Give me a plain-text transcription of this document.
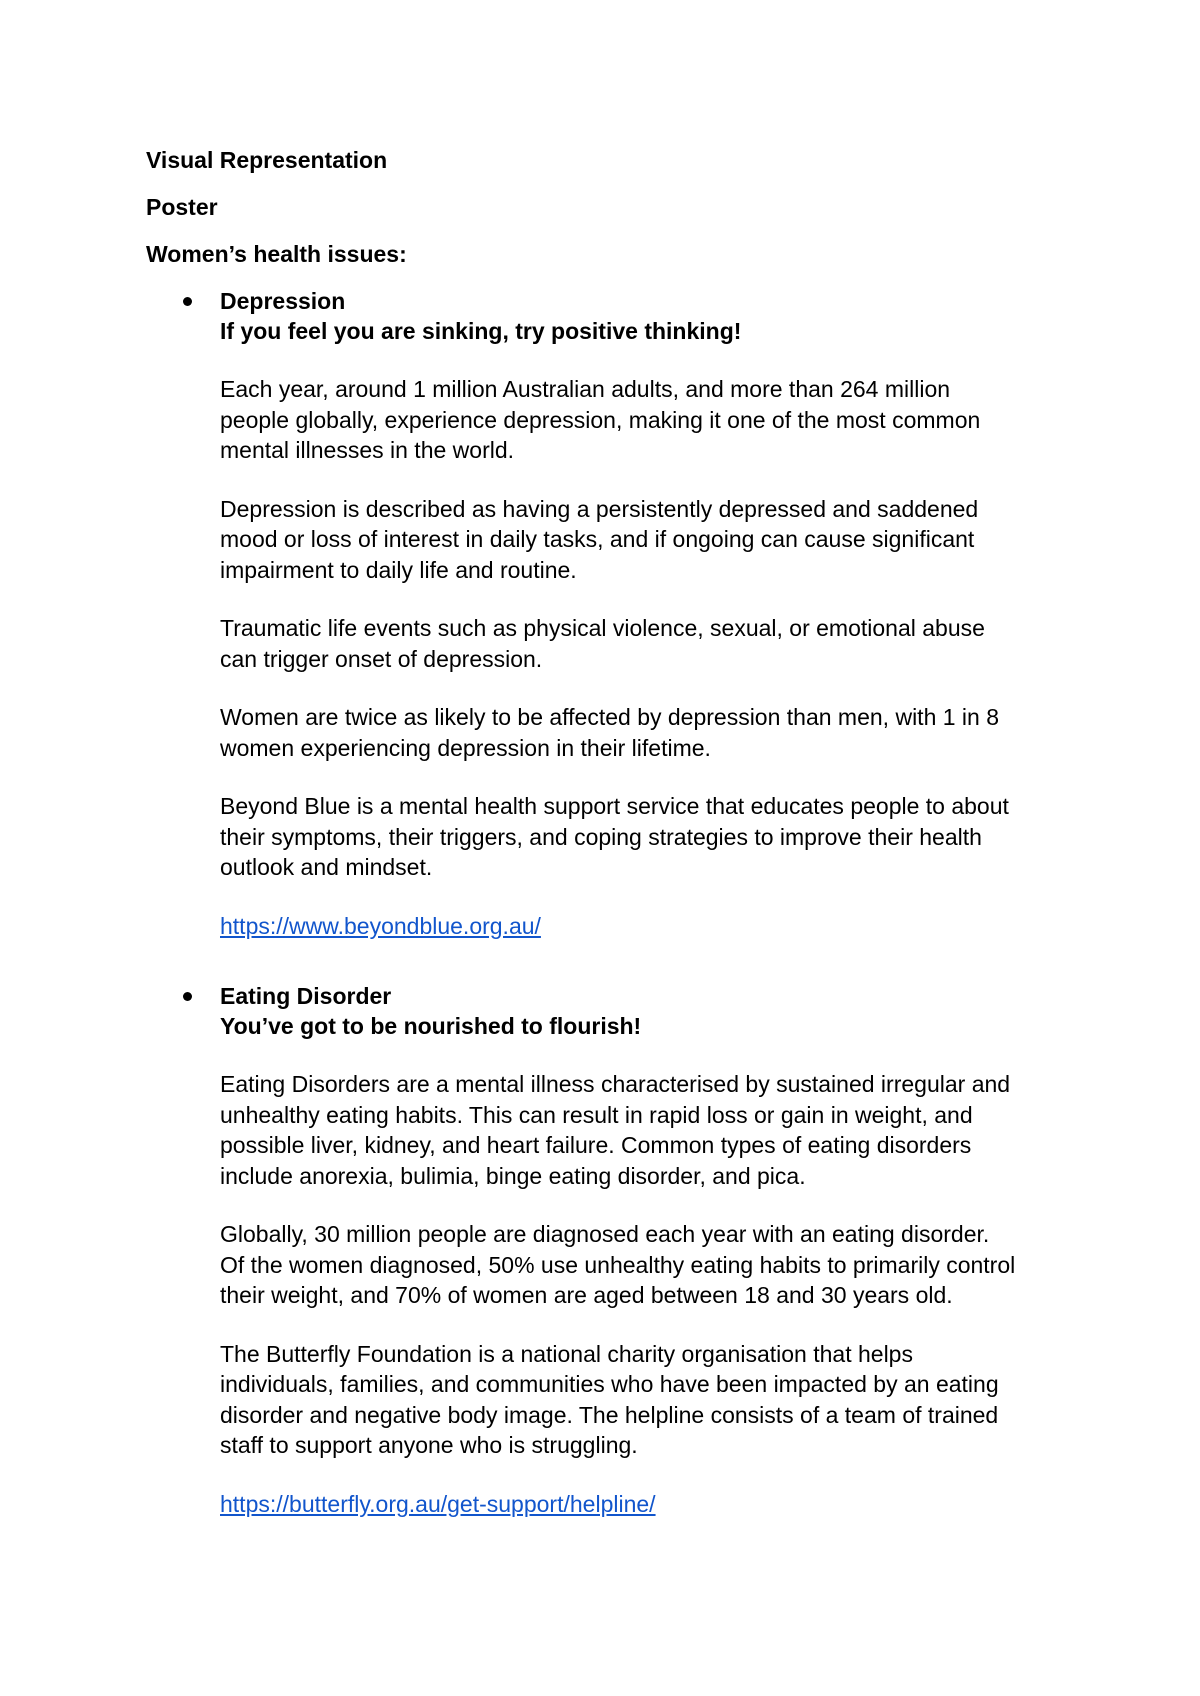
Visual Representation
Poster
Women’s health issues:
Depression
If you feel you are sinking, try positive thinking!

Each year, around 1 million Australian adults, and more than 264 million
people globally, experience depression, making it one of the most common
mental illnesses in the world.

Depression is described as having a persistently depressed and saddened
mood or loss of interest in daily tasks, and if ongoing can cause significant
impairment to daily life and routine.

Traumatic life events such as physical violence, sexual, or emotional abuse
can trigger onset of depression.

Women are twice as likely to be affected by depression than men, with 1 in 8
women experiencing depression in their lifetime.

Beyond Blue is a mental health support service that educates people to about
their symptoms, their triggers, and coping strategies to improve their health
outlook and mindset.

https://www.beyondblue.org.au/
Eating Disorder
You’ve got to be nourished to flourish!

Eating Disorders are a mental illness characterised by sustained irregular and
unhealthy eating habits. This can result in rapid loss or gain in weight, and
possible liver, kidney, and heart failure. Common types of eating disorders
include anorexia, bulimia, binge eating disorder, and pica.

Globally, 30 million people are diagnosed each year with an eating disorder.
Of the women diagnosed, 50% use unhealthy eating habits to primarily control
their weight, and 70% of women are aged between 18 and 30 years old.

The Butterfly Foundation is a national charity organisation that helps
individuals, families, and communities who have been impacted by an eating
disorder and negative body image. The helpline consists of a team of trained
staff to support anyone who is struggling.

https://butterfly.org.au/get-support/helpline/
